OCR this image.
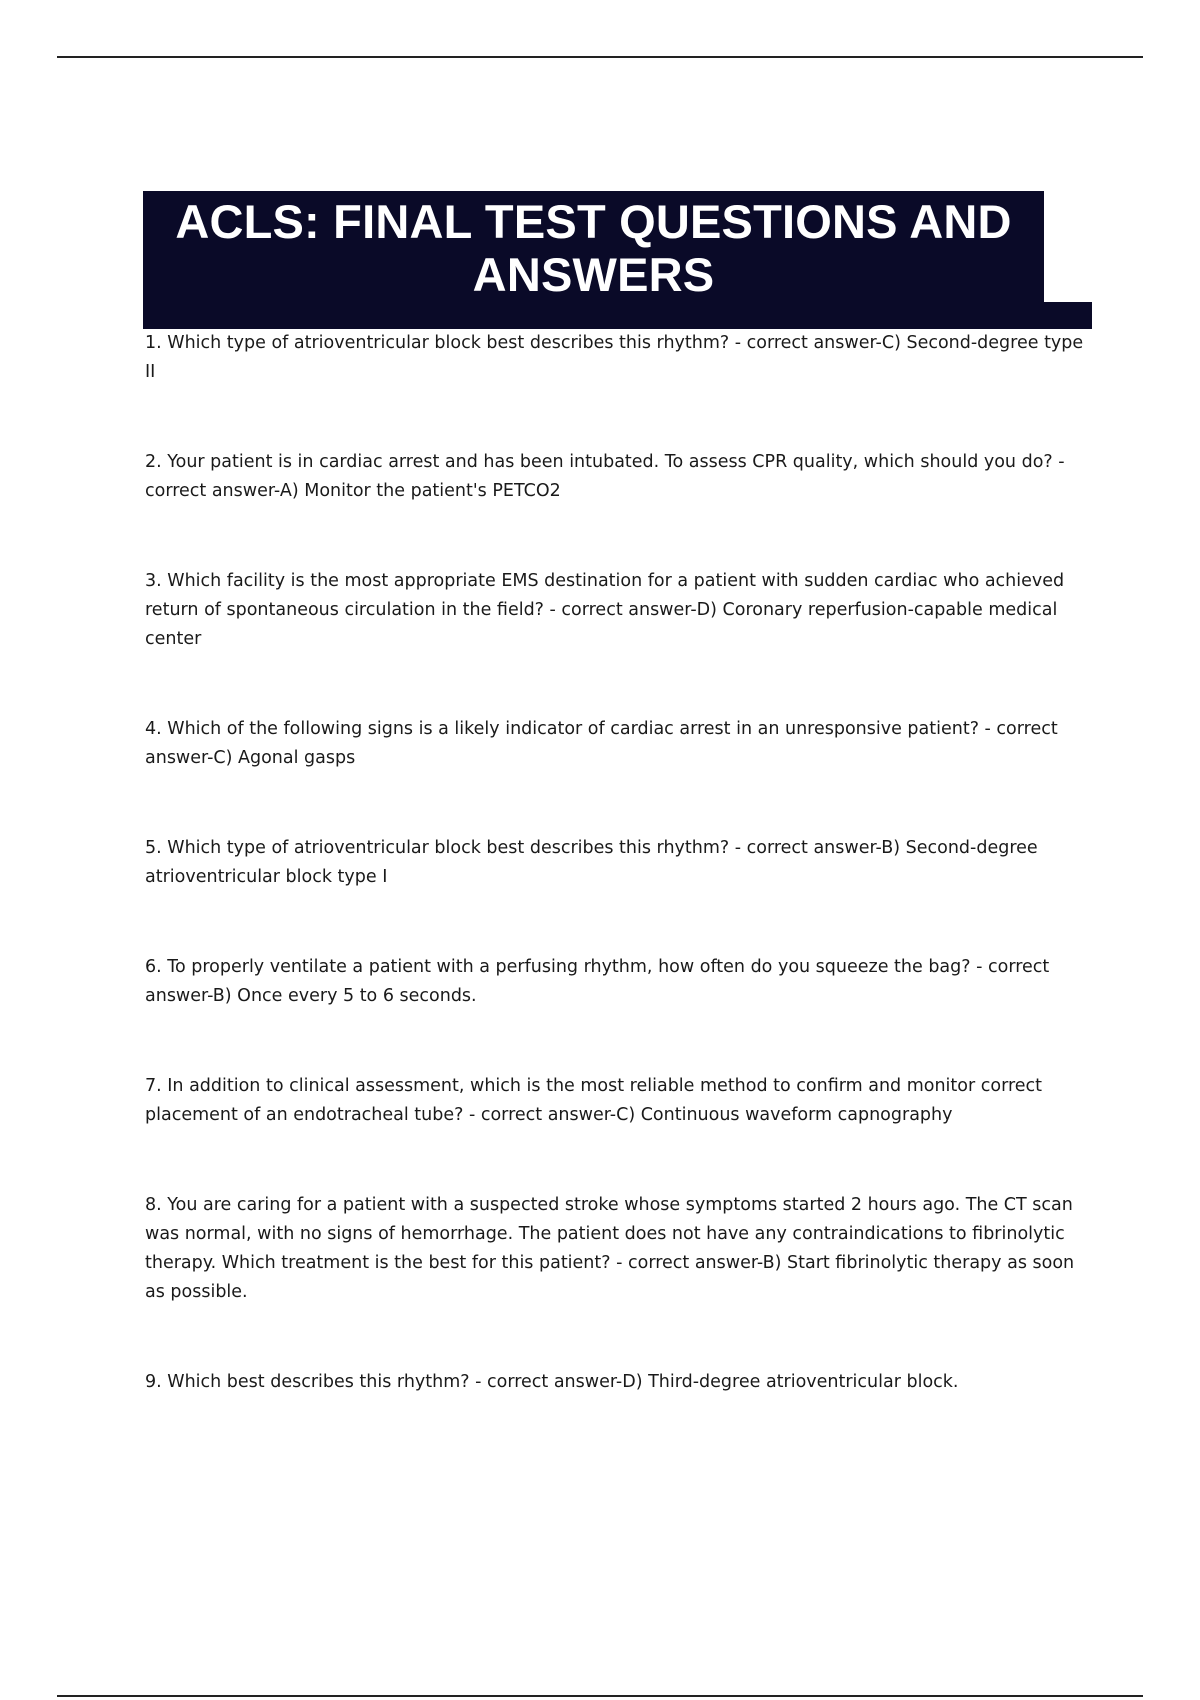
ACLS: FINAL TEST QUESTIONS AND ANSWERS

1. Which type of atrioventricular block best describes this rhythm? - correct answer-C) Second-degree type II

2. Your patient is in cardiac arrest and has been intubated. To assess CPR quality, which should you do? - correct answer-A) Monitor the patient's PETCO2

3. Which facility is the most appropriate EMS destination for a patient with sudden cardiac who achieved return of spontaneous circulation in the field? - correct answer-D) Coronary reperfusion-capable medical center

4. Which of the following signs is a likely indicator of cardiac arrest in an unresponsive patient? - correct answer-C) Agonal gasps

5. Which type of atrioventricular block best describes this rhythm? - correct answer-B) Second-degree atrioventricular block type I

6. To properly ventilate a patient with a perfusing rhythm, how often do you squeeze the bag? - correct answer-B) Once every 5 to 6 seconds.

7. In addition to clinical assessment, which is the most reliable method to confirm and monitor correct placement of an endotracheal tube? - correct answer-C) Continuous waveform capnography

8. You are caring for a patient with a suspected stroke whose symptoms started 2 hours ago. The CT scan was normal, with no signs of hemorrhage. The patient does not have any contraindications to fibrinolytic therapy. Which treatment is the best for this patient? - correct answer-B) Start fibrinolytic therapy as soon as possible.

9. Which best describes this rhythm? - correct answer-D) Third-degree atrioventricular block.
